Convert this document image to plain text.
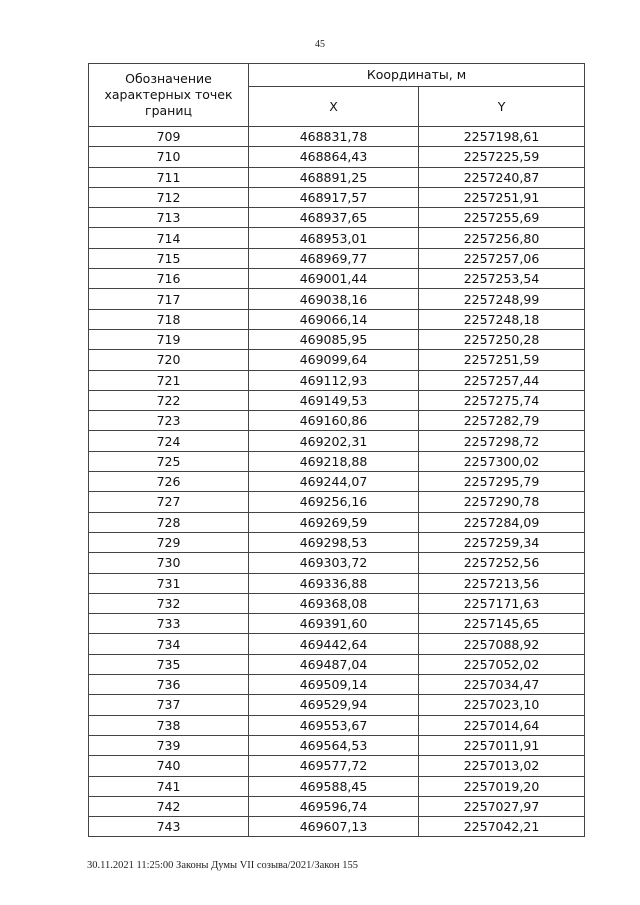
45
Обозначение характерных точек границ	Координаты, м	
	X	Y
709	468831,78	2257198,61
710	468864,43	2257225,59
711	468891,25	2257240,87
712	468917,57	2257251,91
713	468937,65	2257255,69
714	468953,01	2257256,80
715	468969,77	2257257,06
716	469001,44	2257253,54
717	469038,16	2257248,99
718	469066,14	2257248,18
719	469085,95	2257250,28
720	469099,64	2257251,59
721	469112,93	2257257,44
722	469149,53	2257275,74
723	469160,86	2257282,79
724	469202,31	2257298,72
725	469218,88	2257300,02
726	469244,07	2257295,79
727	469256,16	2257290,78
728	469269,59	2257284,09
729	469298,53	2257259,34
730	469303,72	2257252,56
731	469336,88	2257213,56
732	469368,08	2257171,63
733	469391,60	2257145,65
734	469442,64	2257088,92
735	469487,04	2257052,02
736	469509,14	2257034,47
737	469529,94	2257023,10
738	469553,67	2257014,64
739	469564,53	2257011,91
740	469577,72	2257013,02
741	469588,45	2257019,20
742	469596,74	2257027,97
743	469607,13	2257042,21
30.11.2021 11:25:00 Законы Думы VII созыва/2021/Закон 155
